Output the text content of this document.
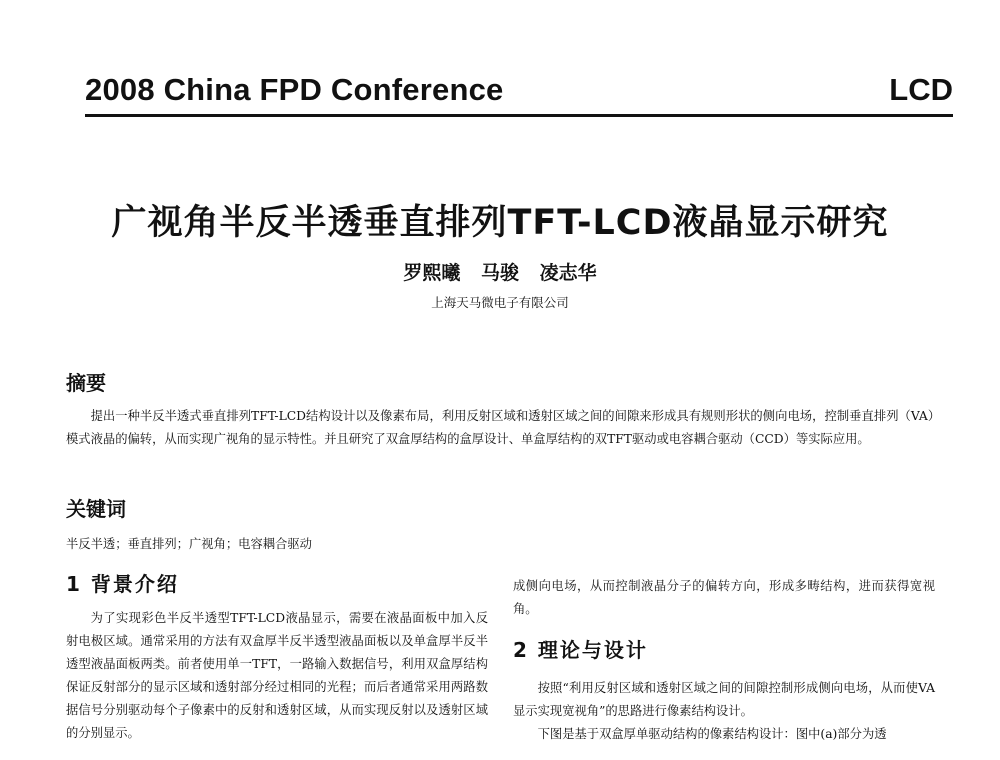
2008 China FPD Conference	LCD
广视角半反半透垂直排列TFT-LCD液晶显示研究
罗熙曦 马骏 凌志华
上海天马微电子有限公司
摘要

提出一种半反半透式垂直排列TFT-LCD结构设计以及像素布局，利用反射区域和透射区域之间的间隙来形成具有规则形状的侧向电场，控制垂直排列（VA）模式液晶的偏转，从而实现广视角的显示特性。并且研究了双盒厚结构的盒厚设计、单盒厚结构的双TFT驱动或电容耦合驱动（CCD）等实际应用。

关键词
半反半透；垂直排列；广视角；电容耦合驱动
1 背景介绍

为了实现彩色半反半透型TFT-LCD液晶显示，需要在液晶面板中加入反射电极区域。通常采用的方法有双盒厚半反半透型液晶面板以及单盒厚半反半透型液晶面板两类。前者使用单一TFT，一路输入数据信号，利用双盒厚结构保证反射部分的显示区域和透射部分经过相同的光程；而后者通常采用两路数据信号分别驱动每个子像素中的反射和透射区域，从而实现反射以及透射区域的分别显示。

成侧向电场，从而控制液晶分子的偏转方向，形成多畴结构，进而获得宽视角。

2 理论与设计

按照“利用反射区域和透射区域之间的间隙控制形成侧向电场，从而使VA显示实现宽视角”的思路进行像素结构设计。

下图是基于双盒厚单驱动结构的像素结构设计：图中(a)部分为透
